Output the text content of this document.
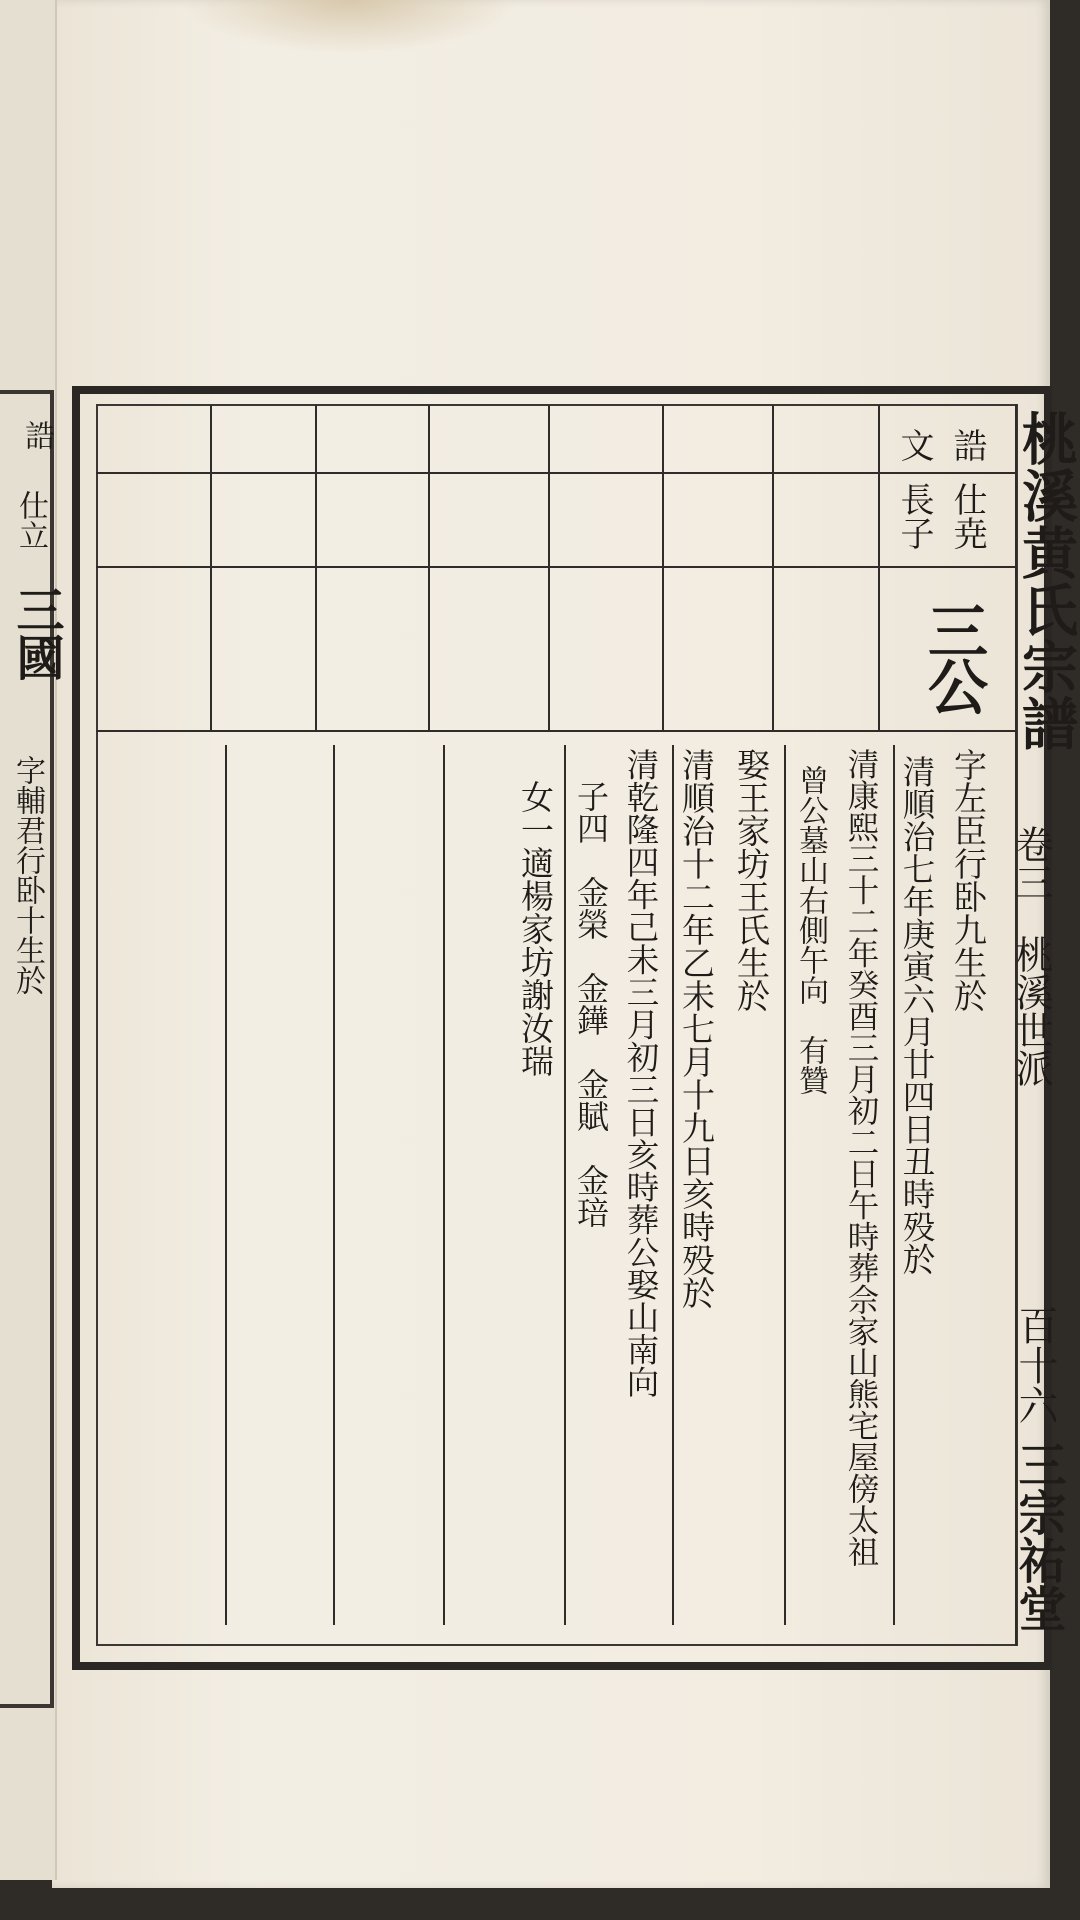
誥
仕立
三國
字輔君行卧十生於
桃溪黄氏宗譜
卷三
桃溪世派
百十六
三宗祐堂
誥
文
仕尭
長子
三公
字左臣行卧九生於
清順治七年庚寅六月廿四日丑時殁於
清康熙三十二年癸酉三月初二日午時葬佘家山熊宅屋傍太祖
曾公墓山右側午向　有贊
娶王家坊王氏生於
清順治十二年乙未七月十九日亥時殁於
清乾隆四年己未三月初三日亥時葬公娶山南向
子四　金榮　金鏵　金賦　金琣
女一適楊家坊謝汝瑞
